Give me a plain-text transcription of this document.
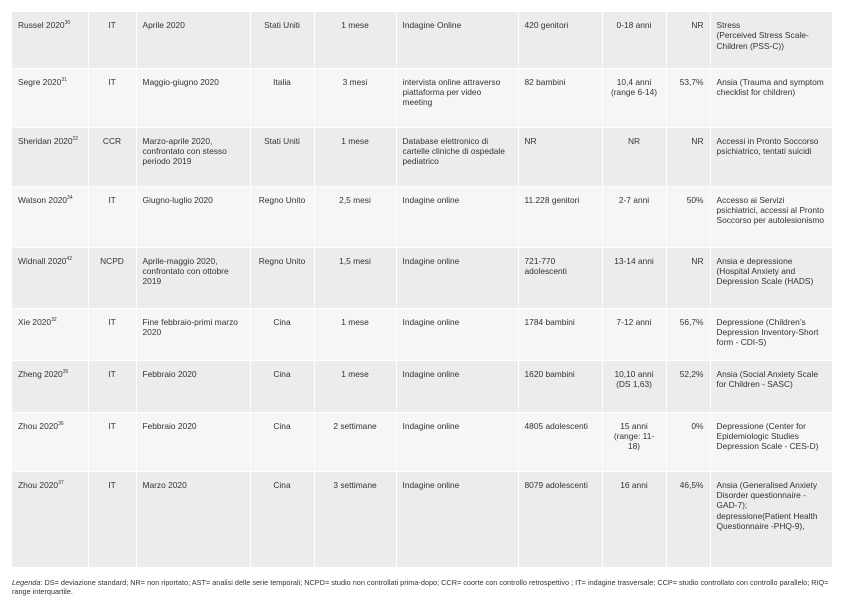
Russel 2020$^{30}$	IT	Aprile 2020	Stati Uniti	1 mese	Indagine Online	420 genitori	0-18 anni	NR	Stress
(Perceived Stress Scale-
Children (PSS-C))
Segre 2020$^{31}$	IT	Maggio-giugno 2020	Italia	3 mesi	intervista online attraverso piattaforma per video meeting	82 bambini	10,4 anni
(range 6-14)	53,7%	Ansia (Trauma and symptom checklist for children)
Sheridan 2020$^{22}$	CCR	Marzo-aprile 2020, confrontato con stesso periodo 2019	Stati Uniti	1 mese	Database elettronico di cartelle cliniche di ospedale pediatrico	NR	NR	NR	Accessi in Pronto Soccorso psichiatrico, tentati suicidi
Watson 2020$^{34}$	IT	Giugno-luglio 2020	Regno Unito	2,5 mesi	Indagine online	11.228 genitori	2-7 anni	50%	Accesso ai Servizi psichiatrici, accessi al Pronto Soccorso per autolesionismo
Widnall 2020$^{42}$	NCPD	Aprile-maggio 2020, confrontato con ottobre 2019	Regno Unito	1,5 mesi	Indagine online	721-770 adolescenti	13-14 anni	NR	Ansia e depressione (Hospital Anxiety and Depression Scale (HADS)
Xie 2020$^{32}$	IT	Fine febbraio-primi marzo 2020	Cina	1 mese	Indagine online	1784 bambini	7-12 anni	56,7%	Depressione (Children’s Depression Inventory-Short form - CDI-S)
Zheng 2020$^{35}$	IT	Febbraio 2020	Cina	1 mese	Indagine online	1620 bambini	10,10 anni
(DS 1,63)	52,2%	Ansia (Social Anxiety Scale for Children - SASC)
Zhou 2020$^{36}$	IT	Febbraio 2020	Cina	2 settimane	Indagine online	4805 adolescenti	15 anni
(range: 11-
18)	0%	Depressione (Center for Epidemiologic Studies Depression Scale - CES-D)
Zhou 2020$^{37}$	IT	Marzo 2020	Cina	3 settimane	Indagine online	8079 adolescenti	16 anni	46,5%	Ansia (Generalised Anxiety Disorder questionnaire -GAD-7);
depressione(Patient Health Questionnaire -PHQ-9),
Legenda: DS= deviazione standard; NR= non riportato; AST= analisi delle serie temporali; NCPD= studio non controllati prima-dopo; CCR= coorte con controllo retrospettivo ; IT= indagine trasversale; CCP= studio controllato con controllo parallelo; RIQ= range interquartile.
